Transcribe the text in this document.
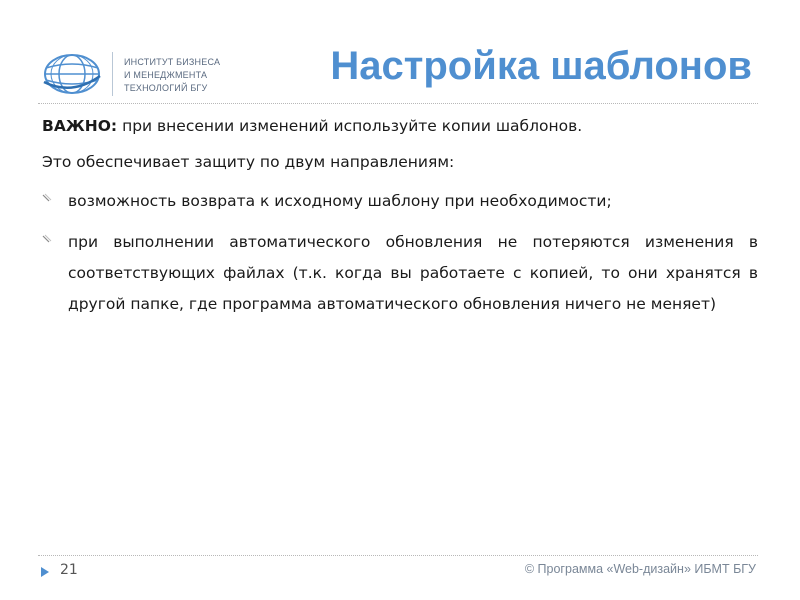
ИНСТИТУТ БИЗНЕСА
И МЕНЕДЖМЕНТА
ТЕХНОЛОГИЙ БГУ	Настройка шаблонов
ВАЖНО: при внесении изменений используйте копии шаблонов.
Это обеспечивает защиту по двум направлениям:
возможность возврата к исходному шаблону при необходимости;
при выполнении автоматического обновления не потеряются изменения в соответствующих файлах (т.к. когда вы работаете с копией, то они хранятся в другой папке, где программа автоматического обновления ничего не меняет)
21	© Программа «Web-дизайн» ИБМТ БГУ
